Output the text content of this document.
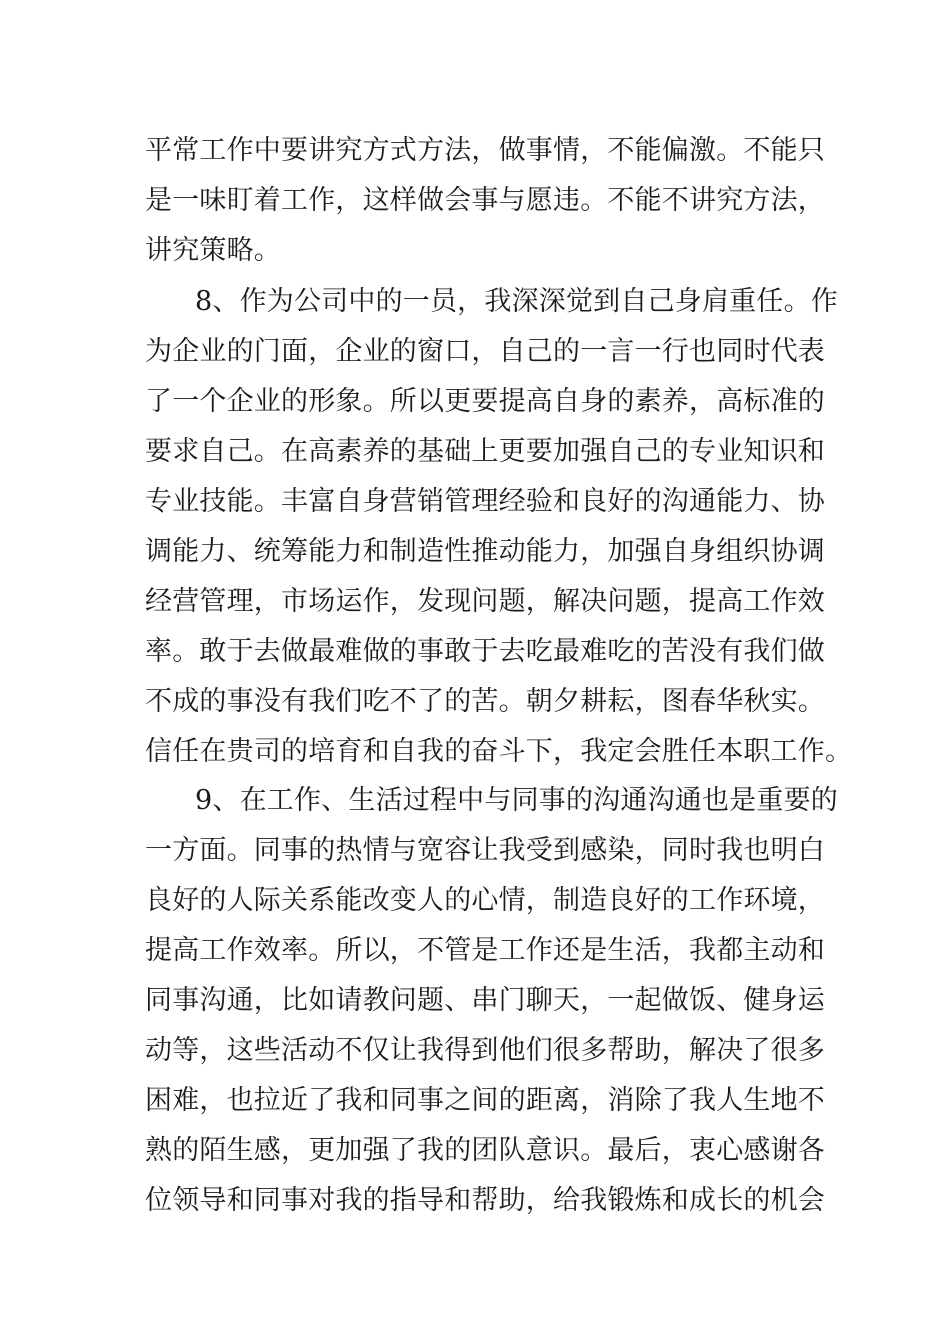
平常工作中要讲究方式方法，做事情，不能偏激。不能只
是一味盯着工作，这样做会事与愿违。不能不讲究方法，
讲究策略。
8、作为公司中的一员，我深深觉到自己身肩重任。作
为企业的门面，企业的窗口，自己的一言一行也同时代表
了一个企业的形象。所以更要提高自身的素养，高标准的
要求自己。在高素养的基础上更要加强自己的专业知识和
专业技能。丰富自身营销管理经验和良好的沟通能力、协
调能力、统筹能力和制造性推动能力，加强自身组织协调
经营管理，市场运作，发现问题，解决问题，提高工作效
率。敢于去做最难做的事敢于去吃最难吃的苦没有我们做
不成的事没有我们吃不了的苦。朝夕耕耘，图春华秋实。
信任在贵司的培育和自我的奋斗下，我定会胜任本职工作。
9、在工作、生活过程中与同事的沟通沟通也是重要的
一方面。同事的热情与宽容让我受到感染，同时我也明白
良好的人际关系能改变人的心情，制造良好的工作环境，
提高工作效率。所以，不管是工作还是生活，我都主动和
同事沟通，比如请教问题、串门聊天，一起做饭、健身运
动等，这些活动不仅让我得到他们很多帮助，解决了很多
困难，也拉近了我和同事之间的距离，消除了我人生地不
熟的陌生感，更加强了我的团队意识。最后，衷心感谢各
位领导和同事对我的指导和帮助，给我锻炼和成长的机会
